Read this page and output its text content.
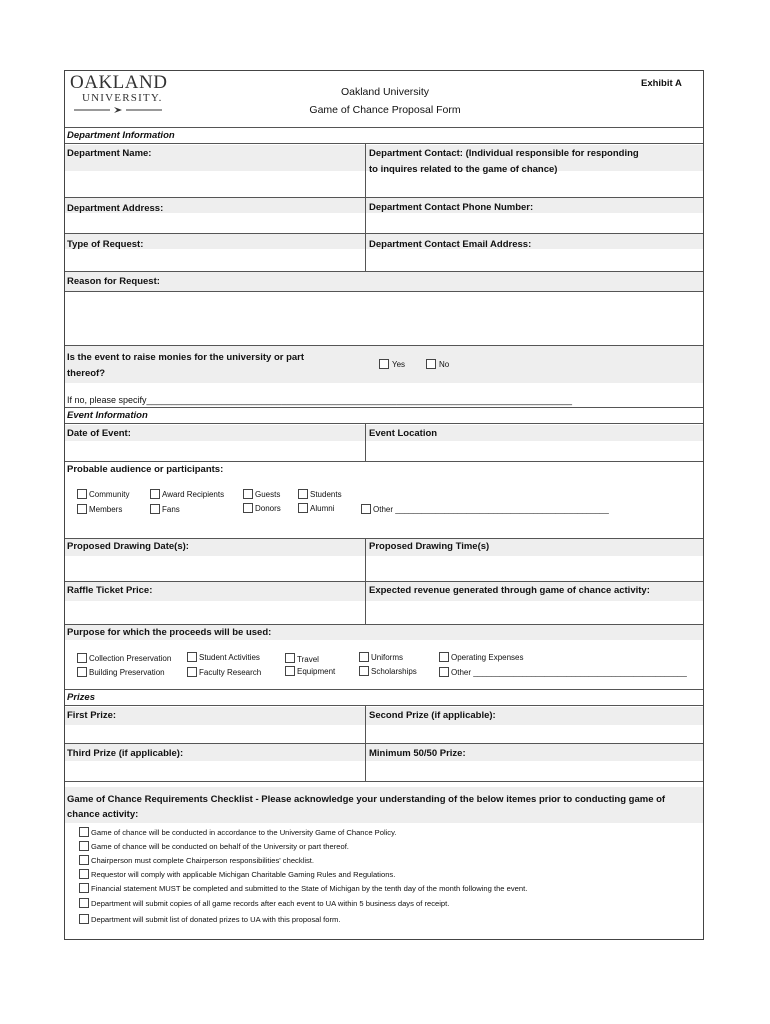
OAKLAND
UNIVERSITY.
Exhibit A
Oakland University
Game of Chance Proposal Form
Department Information
Department Name:	Department Contact: (Individual responsible for responding
to inquires related to the game of chance)
Department Address:	Department Contact Phone Number:
Type of Request:	Department Contact Email Address:
Reason for Request:
Is the event to raise monies for the university or part
thereof?
Yes	No
If no, please specify_____________________________________________________________________________________
Event Information
Date of Event:	Event Location
Probable audience or participants:
Community	Award Recipients	Guests	Students
Members	Fans	Donors	Alumni	Other ________________________________________________
Proposed Drawing Date(s):	Proposed Drawing Time(s)
Raffle Ticket Price:	Expected revenue generated through game of chance activity:
Purpose for which the proceeds will be used:
Collection Preservation	Student Activities	Travel	Uniforms	Operating Expenses
Building Preservation	Faculty Research	Equipment	Scholarships	Other ________________________________________________
Prizes
First Prize:	Second Prize (if applicable):
Third Prize (if applicable):	Minimum 50/50 Prize:
Game of Chance Requirements Checklist - Please acknowledge your understanding of the below itemes prior to conducting game of
chance activity:
Game of chance will be conducted in accordance to the University Game of Chance Policy.
Game of chance will be conducted on behalf of the University or part thereof.
Chairperson must complete Chairperson responsibilities' checklist.
Requestor will comply with applicable Michigan Charitable Gaming Rules and Regulations.
Financial statement MUST be completed and submitted to the State of Michigan by the tenth day of the month following the event.
Department will submit copies of all game records after each event to UA within 5 business days of receipt.
Department will submit list of donated prizes to UA with this proposal form.
